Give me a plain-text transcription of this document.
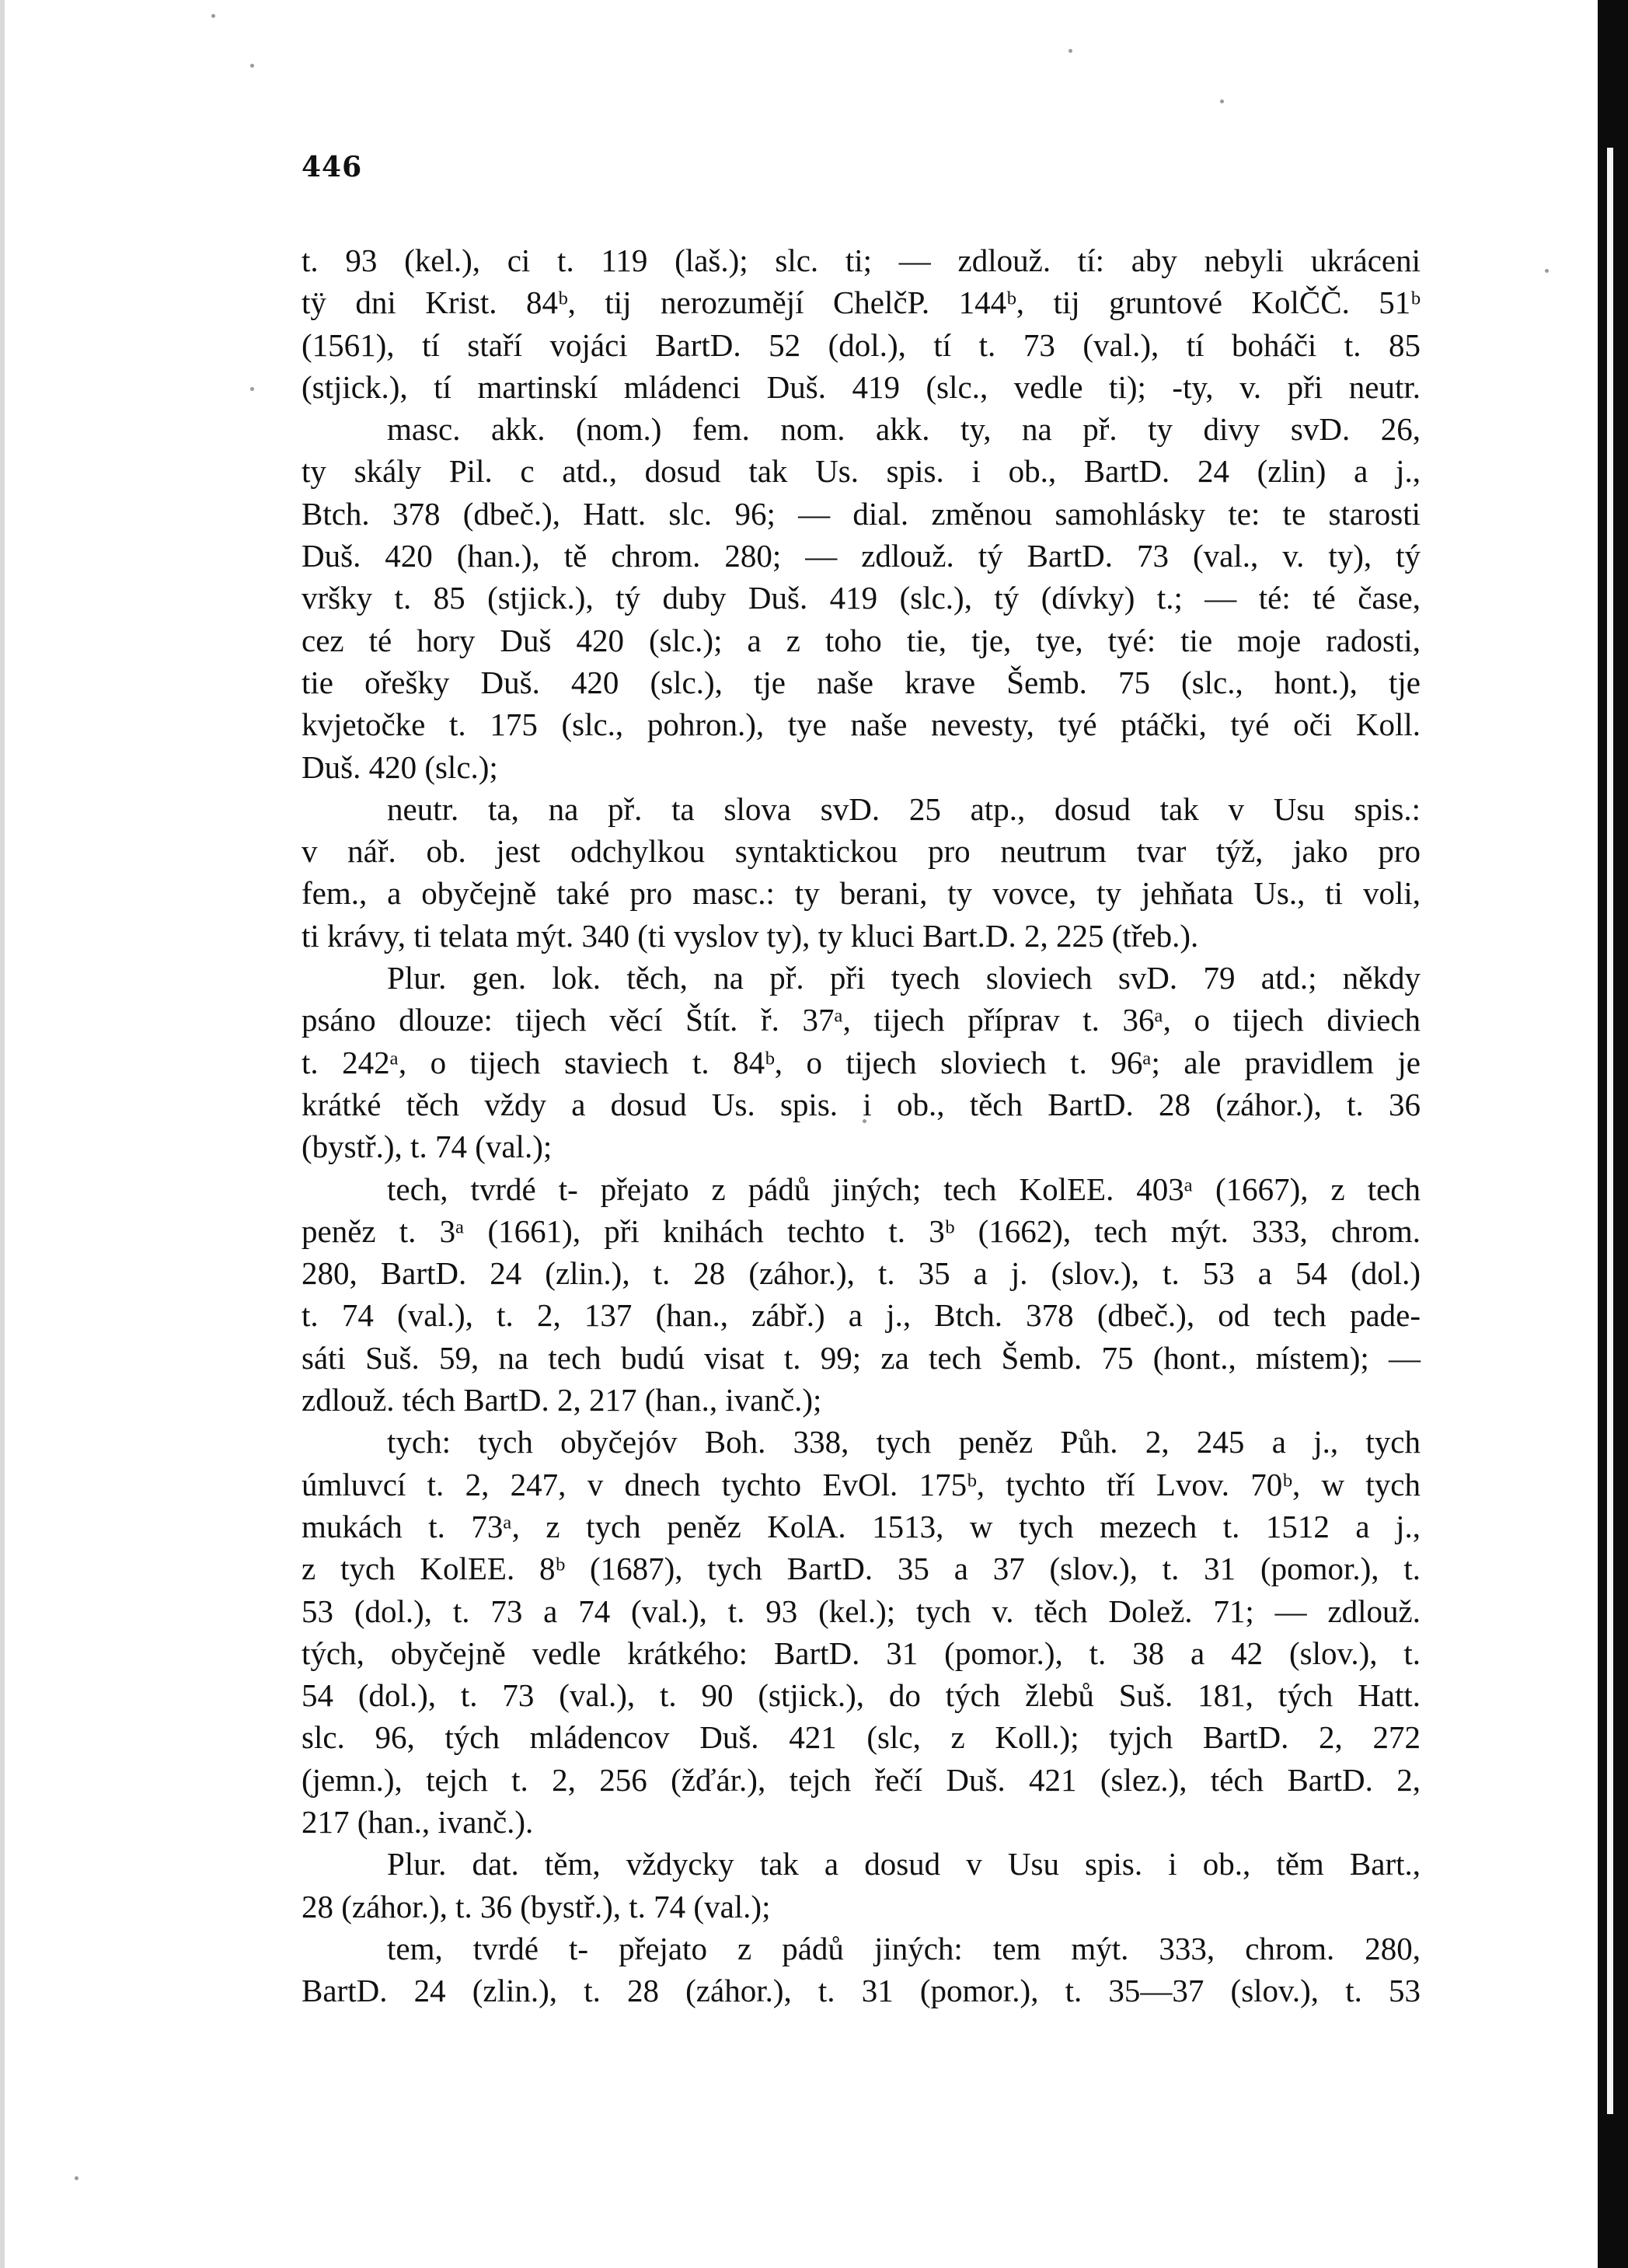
446

t. 93 (kel.), ci t. 119 (laš.); slc. ti; — zdlouž. tí: aby nebyli ukráceni

tÿ dni Krist. 84ᵇ, tij nerozumějí ChelčP. 144ᵇ, tij gruntové KolČČ. 51ᵇ

(1561), tí staří vojáci BartD. 52 (dol.), tí t. 73 (val.), tí boháči t. 85

(stjick.), tí martinskí mládenci Duš. 419 (slc., vedle ti); -ty, v. při neutr.

masc. akk. (nom.) fem. nom. akk. ty, na př. ty divy svD. 26,

ty skály Pil. c atd., dosud tak Us. spis. i ob., BartD. 24 (zlin) a j.,

Btch. 378 (dbeč.), Hatt. slc. 96; — dial. změnou samohlásky te: te starosti

Duš. 420 (han.), tě chrom. 280; — zdlouž. tý BartD. 73 (val., v. ty), tý

vršky t. 85 (stjick.), tý duby Duš. 419 (slc.), tý (dívky) t.; — té: té čase,

cez té hory Duš 420 (slc.); a z toho tie, tje, tye, tyé: tie moje radosti,

tie ořešky Duš. 420 (slc.), tje naše krave Šemb. 75 (slc., hont.), tje

kvjetočke t. 175 (slc., pohron.), tye naše nevesty, tyé ptáčki, tyé oči Koll.

Duš. 420 (slc.);

neutr. ta, na př. ta slova svD. 25 atp., dosud tak v Usu spis.:

v nář. ob. jest odchylkou syntaktickou pro neutrum tvar týž, jako pro

fem., a obyčejně také pro masc.: ty berani, ty vovce, ty jehňata Us., ti voli,

ti krávy, ti telata mýt. 340 (ti vyslov ty), ty kluci Bart.D. 2, 225 (třeb.).

Plur. gen. lok. těch, na př. při tyech sloviech svD. 79 atd.; někdy

psáno dlouze: tijech věcí Štít. ř. 37ᵃ, tijech příprav t. 36ᵃ, o tijech diviech

t. 242ᵃ, o tijech staviech t. 84ᵇ, o tijech sloviech t. 96ᵃ; ale pravidlem je

krátké těch vždy a dosud Us. spis. i ob., těch BartD. 28 (záhor.), t. 36

(bystř.), t. 74 (val.);

tech, tvrdé t- přejato z pádů jiných; tech KolEE. 403ᵃ (1667), z tech

peněz t. 3ᵃ (1661), při knihách techto t. 3ᵇ (1662), tech mýt. 333, chrom.

280, BartD. 24 (zlin.), t. 28 (záhor.), t. 35 a j. (slov.), t. 53 a 54 (dol.)

t. 74 (val.), t. 2, 137 (han., zábř.) a j., Btch. 378 (dbeč.), od tech pade-

sáti Suš. 59, na tech budú visat t. 99; za tech Šemb. 75 (hont., místem); —

zdlouž. téch BartD. 2, 217 (han., ivanč.);

tych: tych obyčejóv Boh. 338, tych peněz Půh. 2, 245 a j., tych

úmluvcí t. 2, 247, v dnech tychto EvOl. 175ᵇ, tychto tří Lvov. 70ᵇ, w tych

mukách t. 73ᵃ, z tych peněz KolA. 1513, w tych mezech t. 1512 a j.,

z tych KolEE. 8ᵇ (1687), tych BartD. 35 a 37 (slov.), t. 31 (pomor.), t.

53 (dol.), t. 73 a 74 (val.), t. 93 (kel.); tych v. těch Dolež. 71; — zdlouž.

tých, obyčejně vedle krátkého: BartD. 31 (pomor.), t. 38 a 42 (slov.), t.

54 (dol.), t. 73 (val.), t. 90 (stjick.), do tých žlebů Suš. 181, tých Hatt.

slc. 96, tých mládencov Duš. 421 (slc, z Koll.); tyjch BartD. 2, 272

(jemn.), tejch t. 2, 256 (žďár.), tejch řečí Duš. 421 (slez.), téch BartD. 2,

217 (han., ivanč.).

Plur. dat. těm, vždycky tak a dosud v Usu spis. i ob., těm Bart.,

28 (záhor.), t. 36 (bystř.), t. 74 (val.);

tem, tvrdé t- přejato z pádů jiných: tem mýt. 333, chrom. 280,

BartD. 24 (zlin.), t. 28 (záhor.), t. 31 (pomor.), t. 35—37 (slov.), t. 53
